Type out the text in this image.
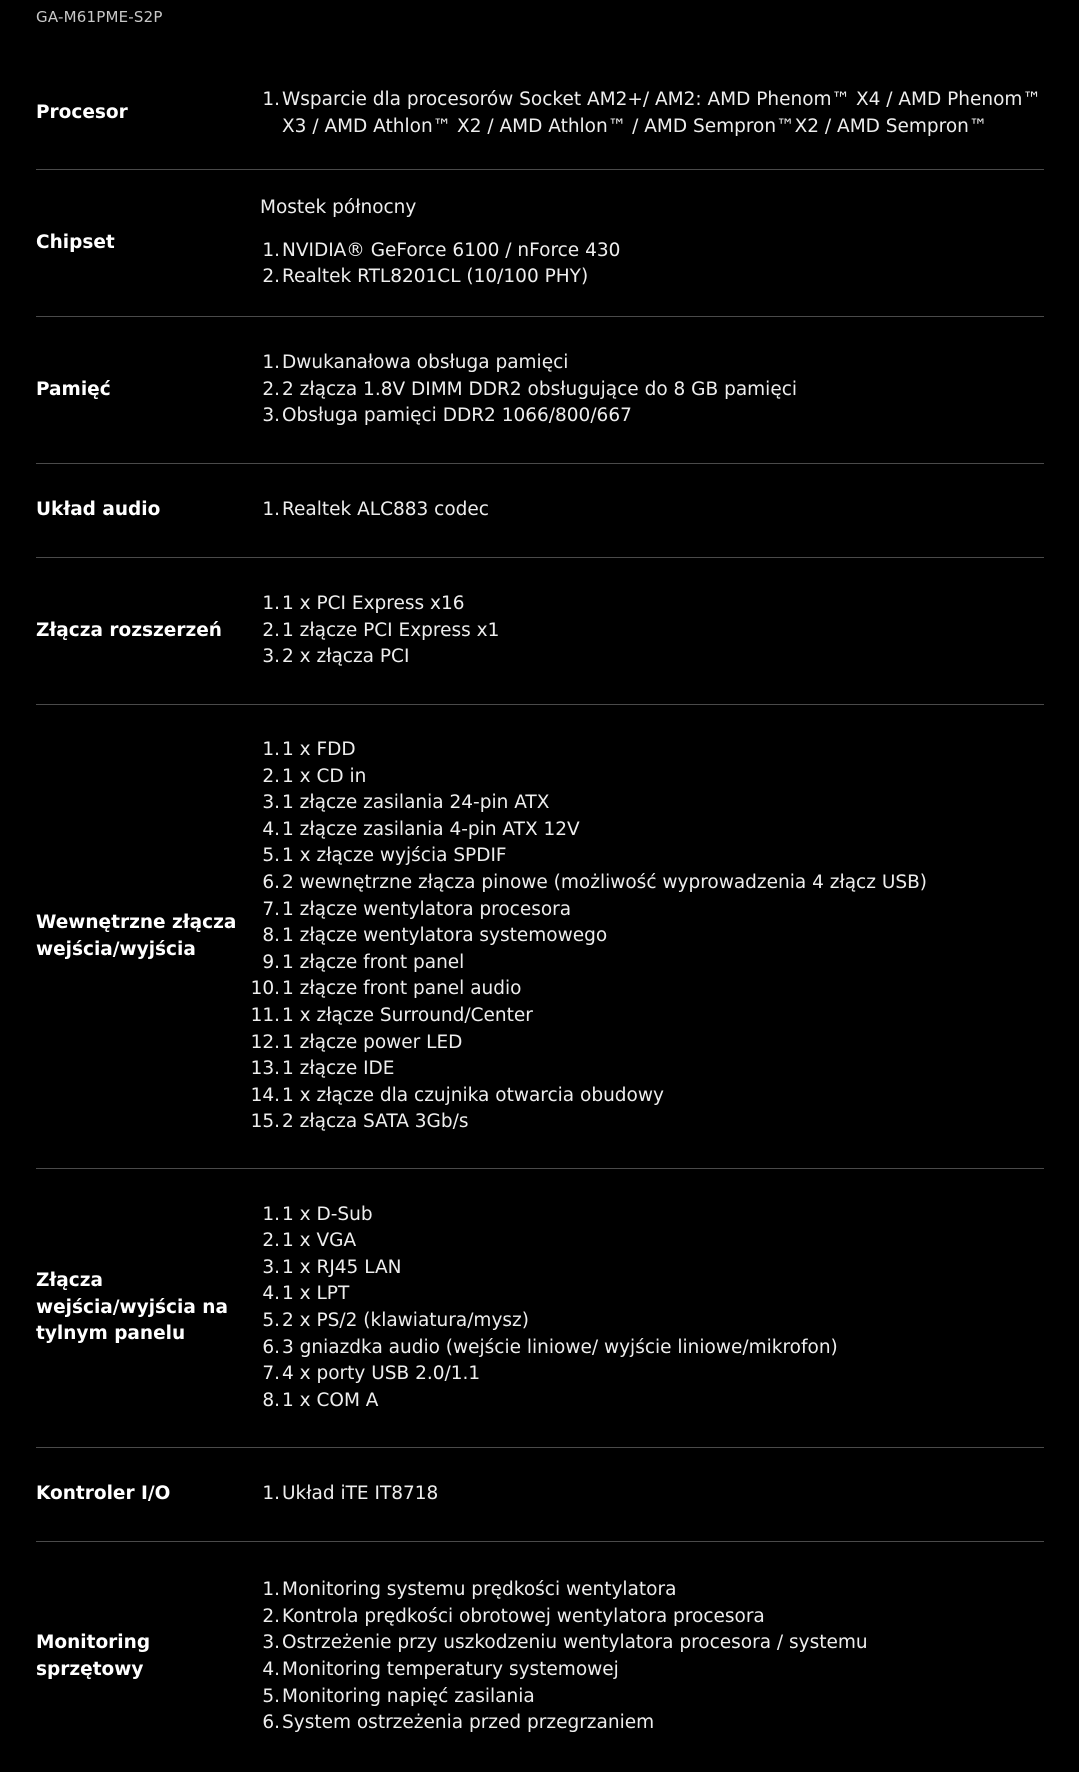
GA-M61PME-S2P
Procesor
1. Wsparcie dla procesorów Socket AM2+/ AM2: AMD Phenom™ X4 / AMD Phenom™ X3 / AMD Athlon™ X2 / AMD Athlon™ / AMD Sempron™X2 / AMD Sempron™
Chipset
Mostek północny
1. NVIDIA® GeForce 6100 / nForce 430
2. Realtek RTL8201CL (10/100 PHY)
Pamięć
1. Dwukanałowa obsługa pamięci
2. 2 złącza 1.8V DIMM DDR2 obsługujące do 8 GB pamięci
3. Obsługa pamięci DDR2 1066/800/667
Układ audio	1. Realtek ALC883 codec
Złącza rozszerzeń
1. 1 x PCI Express x16
2. 1 złącze PCI Express x1
3. 2 x złącza PCI
Wewnętrzne złącza wejścia/wyjścia
1. 1 x FDD
2. 1 x CD in
3. 1 złącze zasilania 24-pin ATX
4. 1 złącze zasilania 4-pin ATX 12V
5. 1 x złącze wyjścia SPDIF
6. 2 wewnętrzne złącza pinowe (możliwość wyprowadzenia 4 złącz USB)
7. 1 złącze wentylatora procesora
8. 1 złącze wentylatora systemowego
9. 1 złącze front panel
10. 1 złącze front panel audio
11. 1 x złącze Surround/Center
12. 1 złącze power LED
13. 1 złącze IDE
14. 1 x złącze dla czujnika otwarcia obudowy
15. 2 złącza SATA 3Gb/s
Złącza wejścia/wyjścia na tylnym panelu
1. 1 x D-Sub
2. 1 x VGA
3. 1 x RJ45 LAN
4. 1 x LPT
5. 2 x PS/2 (klawiatura/mysz)
6. 3 gniazdka audio (wejście liniowe/ wyjście liniowe/mikrofon)
7. 4 x porty USB 2.0/1.1
8. 1 x COM A
Kontroler I/O	1. Układ iTE IT8718
Monitoring sprzętowy
1. Monitoring systemu prędkości wentylatora
2. Kontrola prędkości obrotowej wentylatora procesora
3. Ostrzeżenie przy uszkodzeniu wentylatora procesora / systemu
4. Monitoring temperatury systemowej
5. Monitoring napięć zasilania
6. System ostrzeżenia przed przegrzaniem
